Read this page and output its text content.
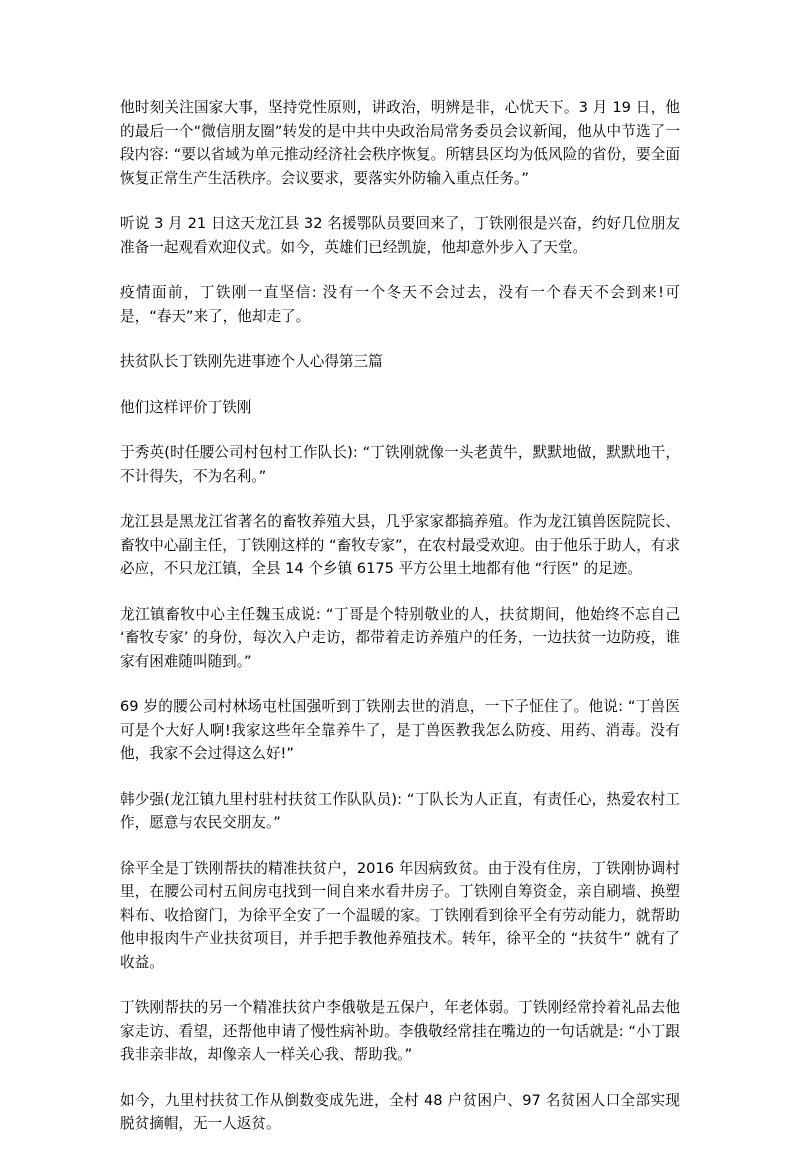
他时刻关注国家大事，坚持党性原则，讲政治，明辨是非，心忧天下。3 月 19 日，他的最后一个“微信朋友圈”转发的是中共中央政治局常务委员会议新闻，他从中节选了一段内容: “要以省域为单元推动经济社会秩序恢复。所辖县区均为低风险的省份，要全面恢复正常生产生活秩序。会议要求，要落实外防输入重点任务。”

听说 3 月 21 日这天龙江县 32 名援鄂队员要回来了，丁铁刚很是兴奋，约好几位朋友准备一起观看欢迎仪式。如今，英雄们已经凯旋，他却意外步入了天堂。

疫情面前，丁铁刚一直坚信: 没有一个冬天不会过去，没有一个春天不会到来!可是，“春天”来了，他却走了。

扶贫队长丁铁刚先进事迹个人心得第三篇

他们这样评价丁铁刚

于秀英(时任腰公司村包村工作队长): “丁铁刚就像一头老黄牛，默默地做，默默地干，不计得失，不为名利。”

龙江县是黑龙江省著名的畜牧养殖大县，几乎家家都搞养殖。作为龙江镇兽医院院长、畜牧中心副主任，丁铁刚这样的 “畜牧专家”，在农村最受欢迎。由于他乐于助人，有求必应，不只龙江镇，全县 14 个乡镇 6175 平方公里土地都有他 “行医” 的足迹。

龙江镇畜牧中心主任魏玉成说: “丁哥是个特别敬业的人，扶贫期间，他始终不忘自己 ‘畜牧专家’ 的身份，每次入户走访，都带着走访养殖户的任务，一边扶贫一边防疫，谁家有困难随叫随到。”

69 岁的腰公司村林场屯杜国强听到丁铁刚去世的消息，一下子怔住了。他说: “丁兽医可是个大好人啊!我家这些年全靠养牛了，是丁兽医教我怎么防疫、用药、消毒。没有他，我家不会过得这么好!”

韩少强(龙江镇九里村驻村扶贫工作队队员): “丁队长为人正直，有责任心，热爱农村工作，愿意与农民交朋友。”

徐平全是丁铁刚帮扶的精准扶贫户，2016 年因病致贫。由于没有住房，丁铁刚协调村里，在腰公司村五间房屯找到一间自来水看井房子。丁铁刚自筹资金，亲自刷墙、换塑料布、收拾窗门，为徐平全安了一个温暖的家。丁铁刚看到徐平全有劳动能力，就帮助他申报肉牛产业扶贫项目，并手把手教他养殖技术。转年，徐平全的 “扶贫牛” 就有了收益。

丁铁刚帮扶的另一个精准扶贫户李俄敬是五保户，年老体弱。丁铁刚经常拎着礼品去他家走访、看望，还帮他申请了慢性病补助。李俄敬经常挂在嘴边的一句话就是: “小丁跟我非亲非故，却像亲人一样关心我、帮助我。”

如今，九里村扶贫工作从倒数变成先进，全村 48 户贫困户、97 名贫困人口全部实现脱贫摘帽，无一人返贫。
